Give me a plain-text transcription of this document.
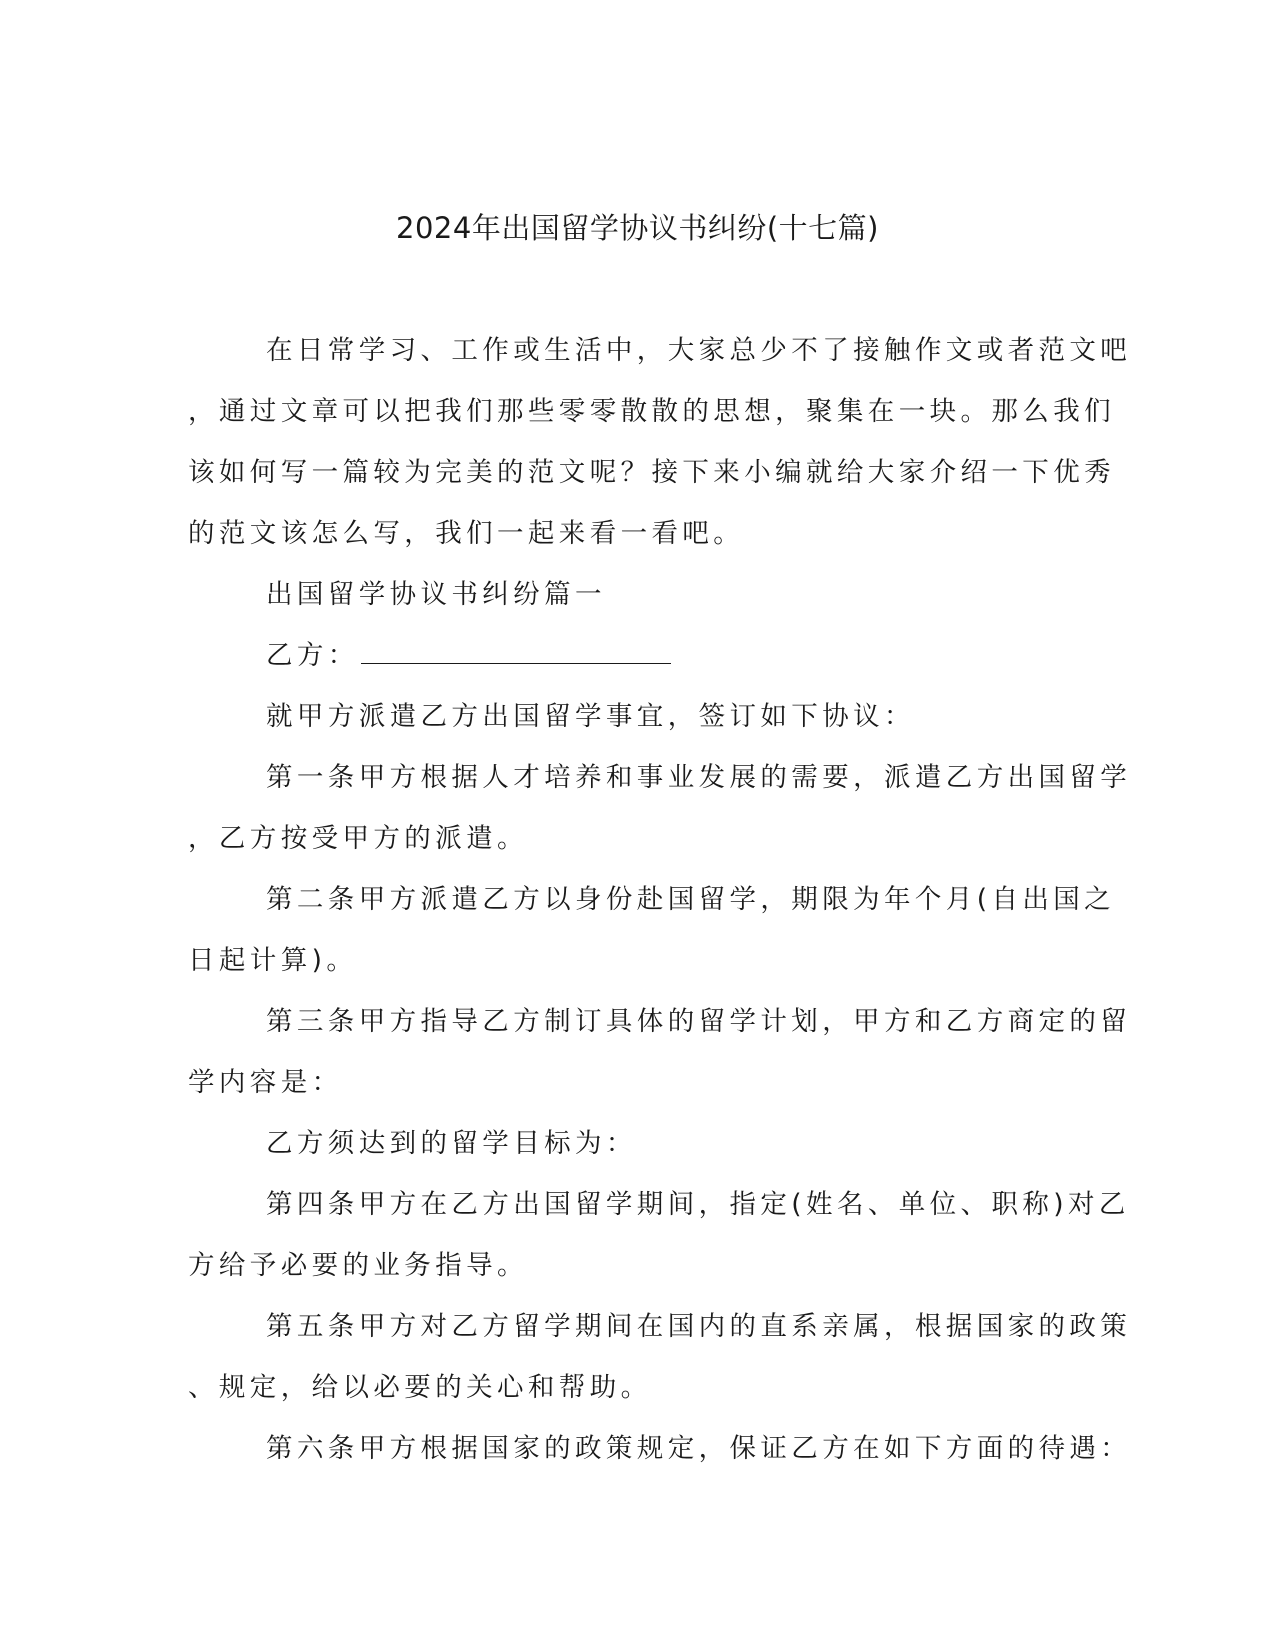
2024年出国留学协议书纠纷(十七篇)
在日常学习、工作或生活中，大家总少不了接触作文或者范文吧
，通过文章可以把我们那些零零散散的思想，聚集在一块。那么我们
该如何写一篇较为完美的范文呢？接下来小编就给大家介绍一下优秀
的范文该怎么写，我们一起来看一看吧。
出国留学协议书纠纷篇一
乙方：
就甲方派遣乙方出国留学事宜，签订如下协议：
第一条甲方根据人才培养和事业发展的需要，派遣乙方出国留学
，乙方按受甲方的派遣。
第二条甲方派遣乙方以身份赴国留学，期限为年个月(自出国之
日起计算)。
第三条甲方指导乙方制订具体的留学计划，甲方和乙方商定的留
学内容是：
乙方须达到的留学目标为：
第四条甲方在乙方出国留学期间，指定(姓名、单位、职称)对乙
方给予必要的业务指导。
第五条甲方对乙方留学期间在国内的直系亲属，根据国家的政策
、规定，给以必要的关心和帮助。
第六条甲方根据国家的政策规定，保证乙方在如下方面的待遇：
